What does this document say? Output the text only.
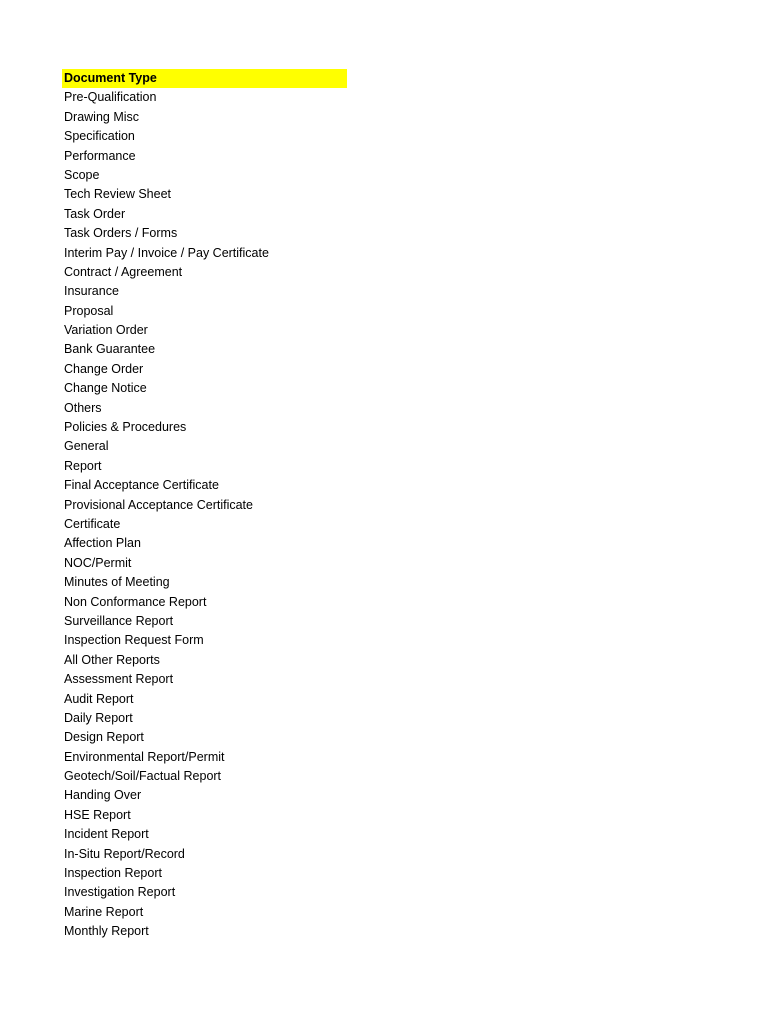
Document Type
Pre-Qualification
Drawing Misc
Specification
Performance
Scope
Tech Review Sheet
Task Order
Task Orders / Forms
Interim Pay / Invoice / Pay Certificate
Contract / Agreement
Insurance
Proposal
Variation Order
Bank Guarantee
Change Order
Change Notice
Others
Policies & Procedures
General
Report
Final Acceptance Certificate
Provisional Acceptance Certificate
Certificate
Affection Plan
NOC/Permit
Minutes of Meeting
Non Conformance Report
Surveillance Report
Inspection Request Form
All Other Reports
Assessment Report
Audit Report
Daily Report
Design Report
Environmental Report/Permit
Geotech/Soil/Factual Report
Handing Over
HSE Report
Incident Report
In-Situ Report/Record
Inspection Report
Investigation Report
Marine Report
Monthly Report
